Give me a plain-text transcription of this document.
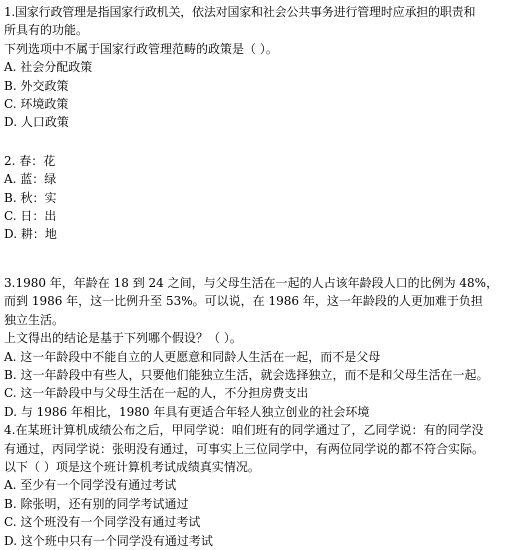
1.国家行政管理是指国家行政机关，依法对国家和社会公共事务进行管理时应承担的职责和
所具有的功能。
下列选项中不属于国家行政管理范畴的政策是（ ）。
A. 社会分配政策
B. 外交政策
C. 环境政策
D. 人口政策
2. 春：花
A. 蓝：绿
B. 秋：实
C. 日：出
D. 耕：地
3.1980 年，年龄在 18 到 24 之间，与父母生活在一起的人占该年龄段人口的比例为 48%，
而到 1986 年，这一比例升至 53%。可以说，在 1986 年，这一年龄段的人更加难于负担
独立生活。
上文得出的结论是基于下列哪个假设？（ ）。
A. 这一年龄段中不能自立的人更愿意和同龄人生活在一起，而不是父母
B. 这一年龄段中有些人，只要他们能独立生活，就会选择独立，而不是和父母生活在一起。
C. 这一年龄段中与父母生活在一起的人，不分担房费支出
D. 与 1986 年相比，1980 年具有更适合年轻人独立创业的社会环境
4.在某班计算机成绩公布之后，甲同学说：咱们班有的同学通过了，乙同学说：有的同学没
有通过，丙同学说：张明没有通过，可事实上三位同学中，有两位同学说的都不符合实际。
以下（ ）项是这个班计算机考试成绩真实情况。
A. 至少有一个同学没有通过考试
B. 除张明，还有别的同学考试通过
C. 这个班没有一个同学没有通过考试
D. 这个班中只有一个同学没有通过考试
